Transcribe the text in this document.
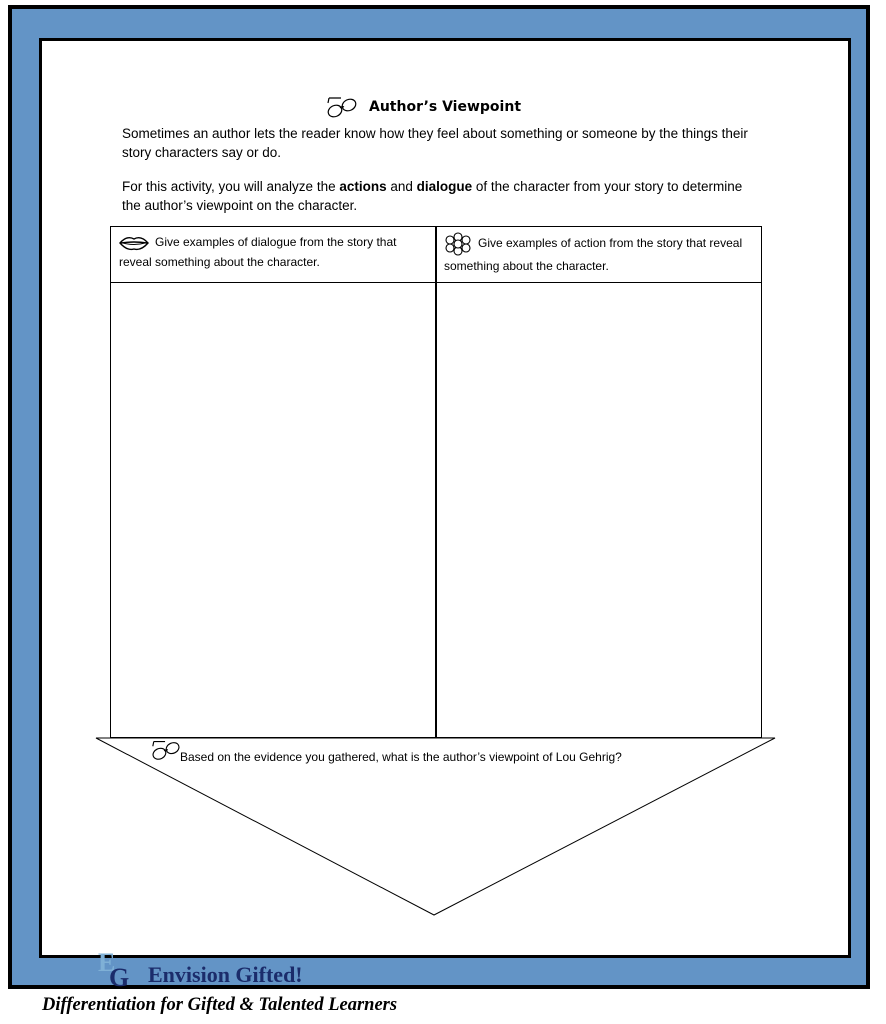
Author’s Viewpoint
Sometimes an author lets the reader know how they feel about something or someone by the things their story characters say or do.
For this activity, you will analyze the actions and dialogue of the character from your story to determine the author’s viewpoint on the character.
Give examples of dialogue from the story that reveal something about the character.
Give examples of action from the story that reveal something about the character.
Based on the evidence you gathered, what is the author’s viewpoint of Lou Gehrig?
E
G Envision Gifted!
Differentiation for Gifted & Talented Learners
